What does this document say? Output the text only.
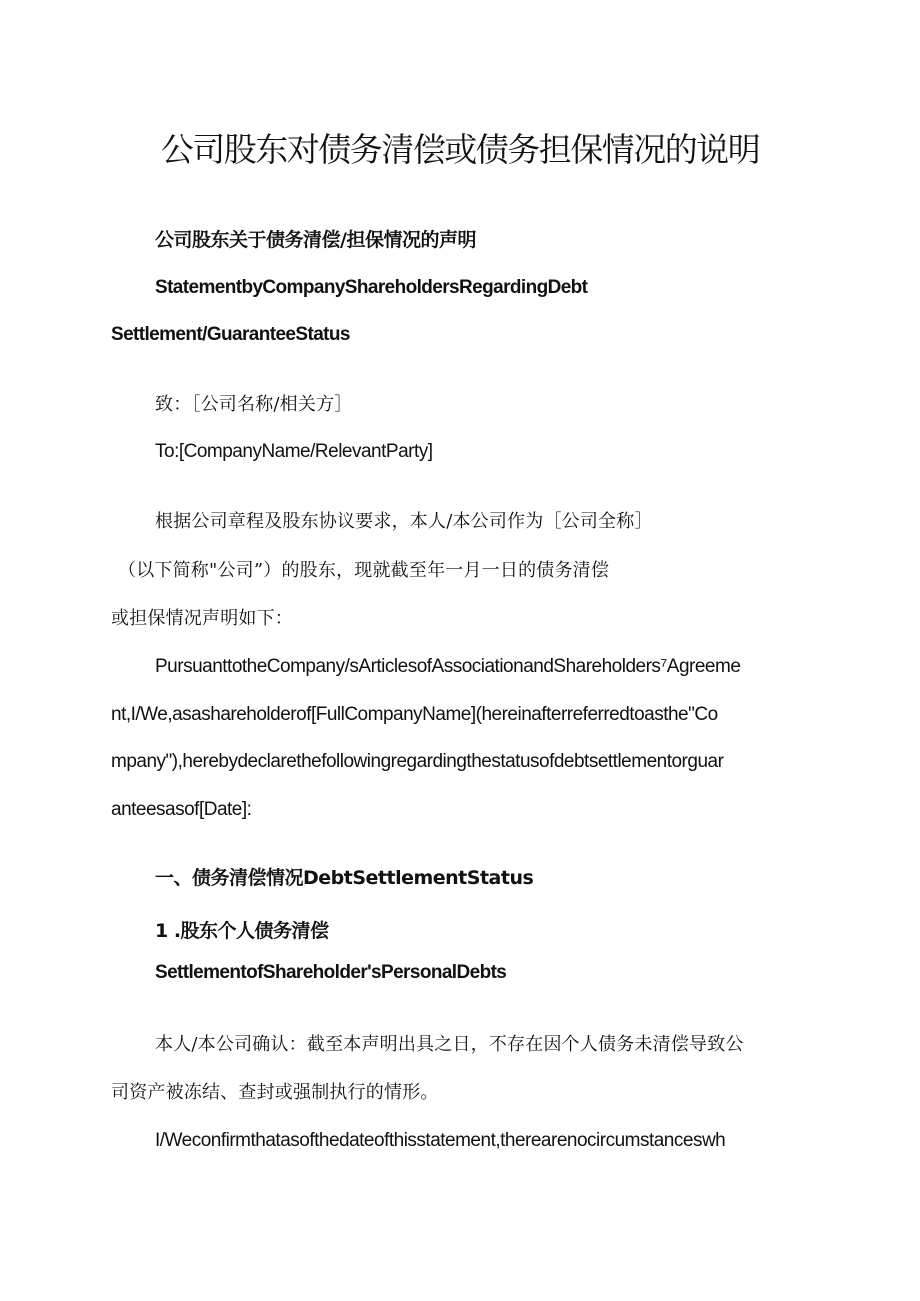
公司股东对债务清偿或债务担保情况的说明

公司股东关于债务清偿/担保情况的声明

StatementbyCompanyShareholdersRegardingDebt

Settlement/GuaranteeStatus

致：［公司名称/相关方］

To:[CompanyName/RelevantParty]

根据公司章程及股东协议要求，本人/本公司作为［公司全称］

（以下简称"公司”）的股东，现就截至年一月一日的债务清偿

或担保情况声明如下：

PursuanttotheCompany/sArticlesofAssociationandShareholders⁷Agreeme

nt,I/We,asashareholderof[FullCompanyName](hereinafterreferredtoasthe"Co

mpany"),herebydeclarethefollowingregardingthestatusofdebtsettlementorguar

anteesasof[Date]:

一、债务清偿情况DebtSettlementStatus

1 .股东个人债务清偿

SettlementofShareholder'sPersonalDebts

本人/本公司确认：截至本声明出具之日，不存在因个人债务未清偿导致公

司资产被冻结、查封或强制执行的情形。

I/Weconfirmthatasofthedateofthisstatement,therearenocircumstanceswh
